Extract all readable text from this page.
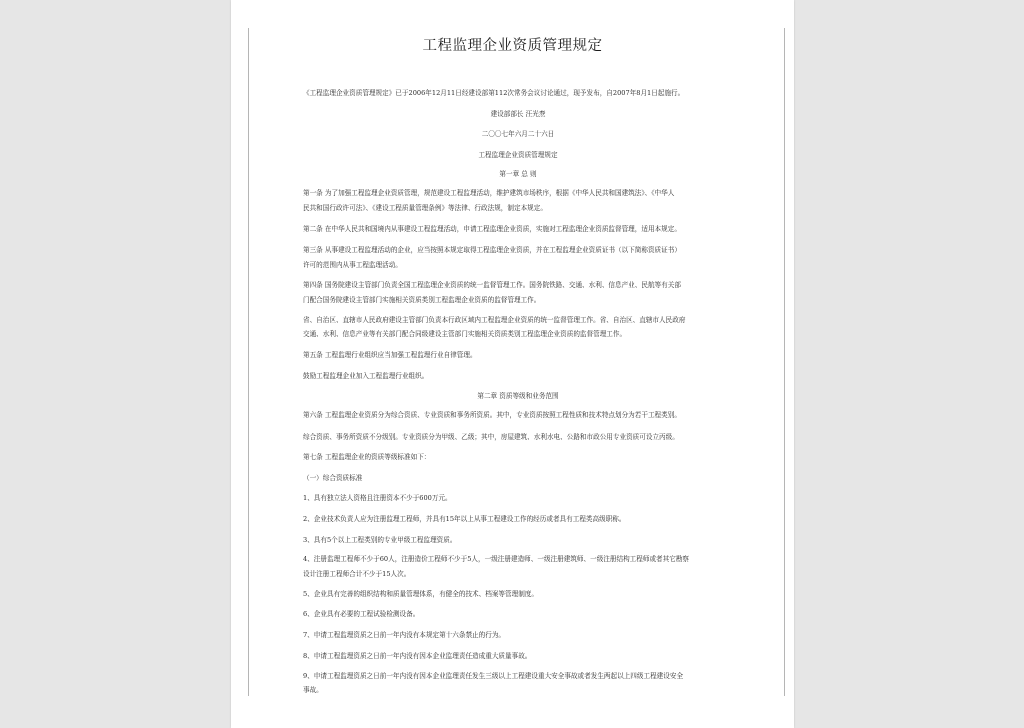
工程监理企业资质管理规定
《工程监理企业资质管理规定》已于2006年12月11日经建设部第112次常务会议讨论通过，现予发布，自2007年8月1日起施行。
建设部部长 汪光焘
二〇〇七年六月二十六日
工程监理企业资质管理规定
第一章 总 则
第一条 为了加强工程监理企业资质管理，规范建设工程监理活动，维护建筑市场秩序，根据《中华人民共和国建筑法》、《中华人
民共和国行政许可法》、《建设工程质量管理条例》等法律、行政法规，制定本规定。
第二条 在中华人民共和国境内从事建设工程监理活动，申请工程监理企业资质，实施对工程监理企业资质监督管理，适用本规定。
第三条 从事建设工程监理活动的企业，应当按照本规定取得工程监理企业资质，并在工程监理企业资质证书（以下简称资质证书）
许可的范围内从事工程监理活动。
第四条 国务院建设主管部门负责全国工程监理企业资质的统一监督管理工作。国务院铁路、交通、水利、信息产业、民航等有关部
门配合国务院建设主管部门实施相关资质类别工程监理企业资质的监督管理工作。
省、自治区、直辖市人民政府建设主管部门负责本行政区域内工程监理企业资质的统一监督管理工作。省、自治区、直辖市人民政府
交通、水利、信息产业等有关部门配合同级建设主管部门实施相关资质类别工程监理企业资质的监督管理工作。
第五条 工程监理行业组织应当加强工程监理行业自律管理。
鼓励工程监理企业加入工程监理行业组织。
第二章 资质等级和业务范围
第六条 工程监理企业资质分为综合资质、专业资质和事务所资质。其中，专业资质按照工程性质和技术特点划分为若干工程类别。
综合资质、事务所资质不分级别。专业资质分为甲级、乙级；其中，房屋建筑、水利水电、公路和市政公用专业资质可设立丙级。
第七条 工程监理企业的资质等级标准如下：
（一）综合资质标准
1、具有独立法人资格且注册资本不少于600万元。
2、企业技术负责人应为注册监理工程师，并具有15年以上从事工程建设工作的经历或者具有工程类高级职称。
3、具有5个以上工程类别的专业甲级工程监理资质。
4、注册监理工程师不少于60人，注册造价工程师不少于5人，一级注册建造师、一级注册建筑师、一级注册结构工程师或者其它勘察
设计注册工程师合计不少于15人次。
5、企业具有完善的组织结构和质量管理体系，有健全的技术、档案等管理制度。
6、企业具有必要的工程试验检测设备。
7、申请工程监理资质之日前一年内没有本规定第十六条禁止的行为。
8、申请工程监理资质之日前一年内没有因本企业监理责任造成重大质量事故。
9、申请工程监理资质之日前一年内没有因本企业监理责任发生三级以上工程建设重大安全事故或者发生两起以上四级工程建设安全
事故。
